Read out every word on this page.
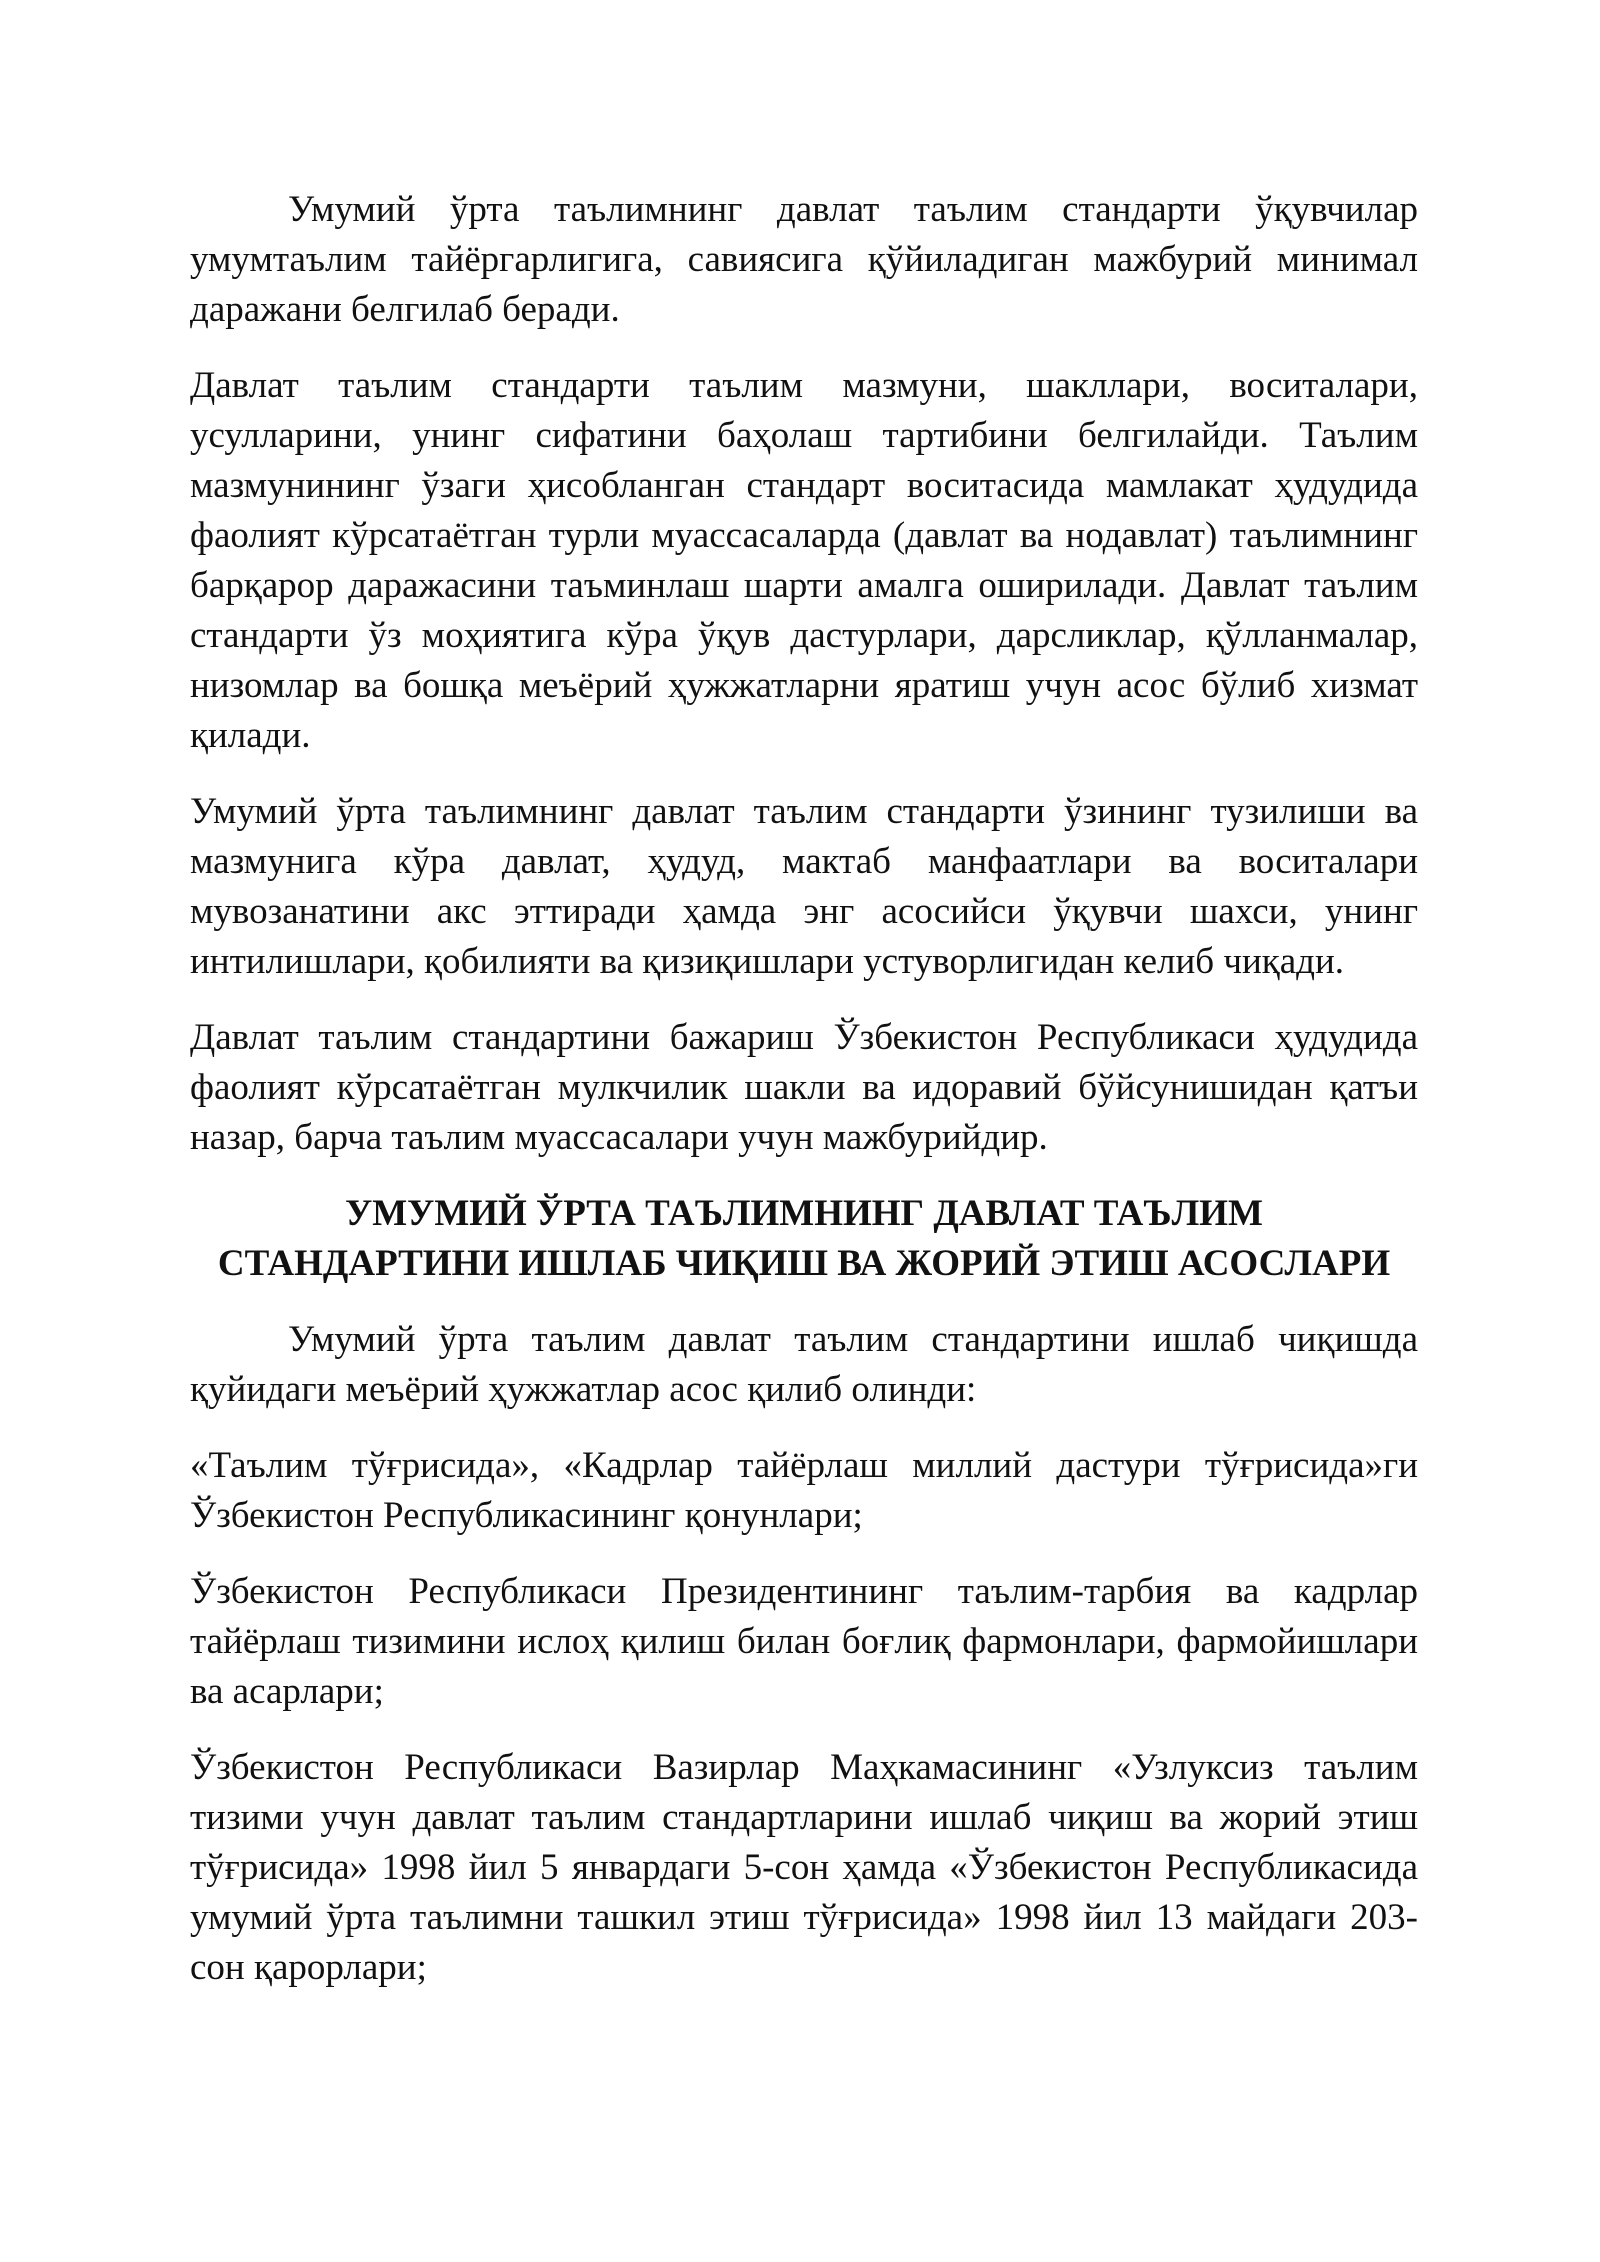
Умумий ўрта таълимнинг давлат таълим стандарти ўқувчилар умумтаълим тайёргарлигига, савиясига қўйиладиган мажбурий минимал даражани белгилаб беради.

Давлат таълим стандарти таълим мазмуни, шакллари, воситалари, усулларини, унинг сифатини баҳолаш тартибини белгилайди. Таълим мазмунининг ўзаги ҳисобланган стандарт воситасида мамлакат ҳудудида фаолият кўрсатаётган турли муассасаларда (давлат ва нодавлат) таълимнинг барқарор даражасини таъминлаш шарти амалга оширилади. Давлат таълим стандарти ўз моҳиятига кўра ўқув дастурлари, дарсликлар, қўлланмалар, низомлар ва бошқа меъёрий ҳужжатларни яратиш учун асос бўлиб хизмат қилади.

Умумий ўрта таълимнинг давлат таълим стандарти ўзининг тузилиши ва мазмунига кўра давлат, ҳудуд, мактаб манфаатлари ва воситалари мувозанатини акс эттиради ҳамда энг асосийси ўқувчи шахси, унинг интилишлари, қобилияти ва қизиқишлари устуворлигидан келиб чиқади.

Давлат таълим стандартини бажариш Ўзбекистон Республикаси ҳудудида фаолият кўрсатаётган мулкчилик шакли ва идоравий бўйсунишидан қатъи назар, барча таълим муассасалари учун мажбурийдир.

УМУМИЙ ЎРТА ТАЪЛИМНИНГ ДАВЛАТ ТАЪЛИМ
СТАНДАРТИНИ ИШЛАБ ЧИҚИШ ВА ЖОРИЙ ЭТИШ АСОСЛАРИ

Умумий ўрта таълим давлат таълим стандартини ишлаб чиқишда қуйидаги меъёрий ҳужжатлар асос қилиб олинди:

«Таълим тўғрисида», «Кадрлар тайёрлаш миллий дастури тўғрисида»ги Ўзбекистон Республикасининг қонунлари;

Ўзбекистон Республикаси Президентининг таълим-тарбия ва кадрлар тайёрлаш тизимини ислоҳ қилиш билан боғлиқ фармонлари, фармойишлари ва асарлари;

Ўзбекистон Республикаси Вазирлар Маҳкамасининг «Узлуксиз таълим тизими учун давлат таълим стандартларини ишлаб чиқиш ва жорий этиш тўғрисида» 1998 йил 5 январдаги 5-сон ҳамда «Ўзбекистон Республикасида умумий ўрта таълимни ташкил этиш тўғрисида» 1998 йил 13 майдаги 203-сон қарорлари;
